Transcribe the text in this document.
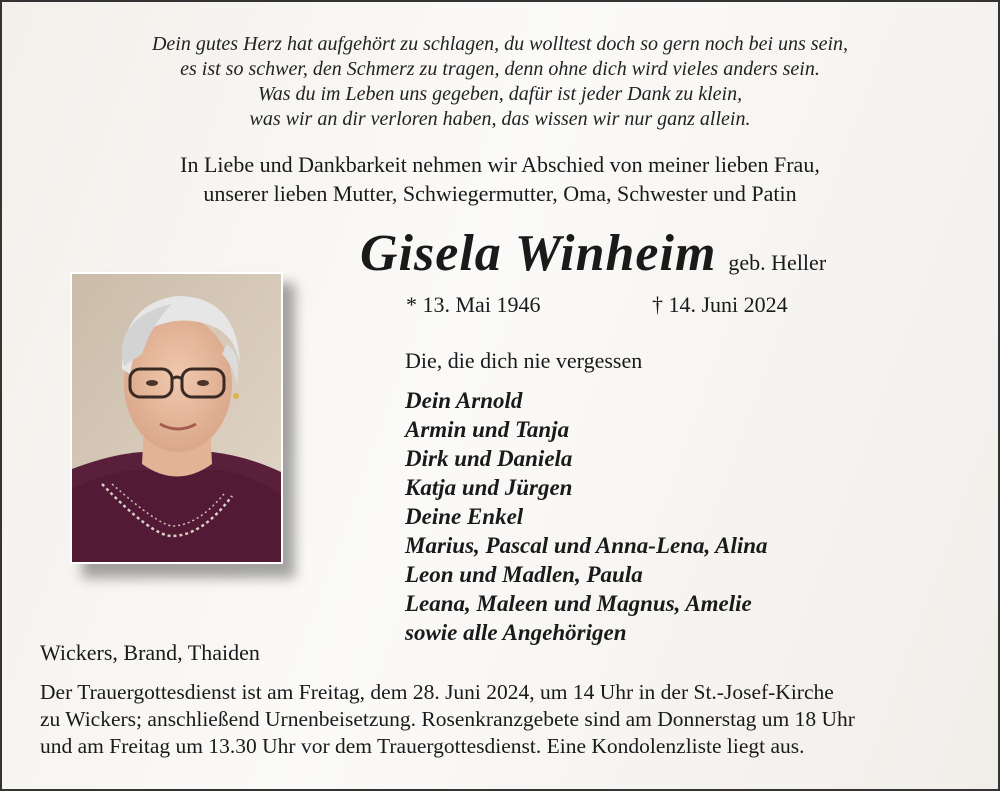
Dein gutes Herz hat aufgehört zu schlagen, du wolltest doch so gern noch bei uns sein,
es ist so schwer, den Schmerz zu tragen, denn ohne dich wird vieles anders sein.
Was du im Leben uns gegeben, dafür ist jeder Dank zu klein,
was wir an dir verloren haben, das wissen wir nur ganz allein.
In Liebe und Dankbarkeit nehmen wir Abschied von meiner lieben Frau,
unserer lieben Mutter, Schwiegermutter, Oma, Schwester und Patin
Gisela Winheim geb. Heller
* 13. Mai 1946	† 14. Juni 2024
Die, die dich nie vergessen
Dein Arnold
Armin und Tanja
Dirk und Daniela
Katja und Jürgen
Deine Enkel
Marius, Pascal und Anna-Lena, Alina
Leon und Madlen, Paula
Leana, Maleen und Magnus, Amelie
sowie alle Angehörigen
Wickers, Brand, Thaiden
Der Trauergottesdienst ist am Freitag, dem 28. Juni 2024, um 14 Uhr in der St.-Josef-Kirche
zu Wickers; anschließend Urnenbeisetzung. Rosenkranzgebete sind am Donnerstag um 18 Uhr
und am Freitag um 13.30 Uhr vor dem Trauergottesdienst. Eine Kondolenzliste liegt aus.
